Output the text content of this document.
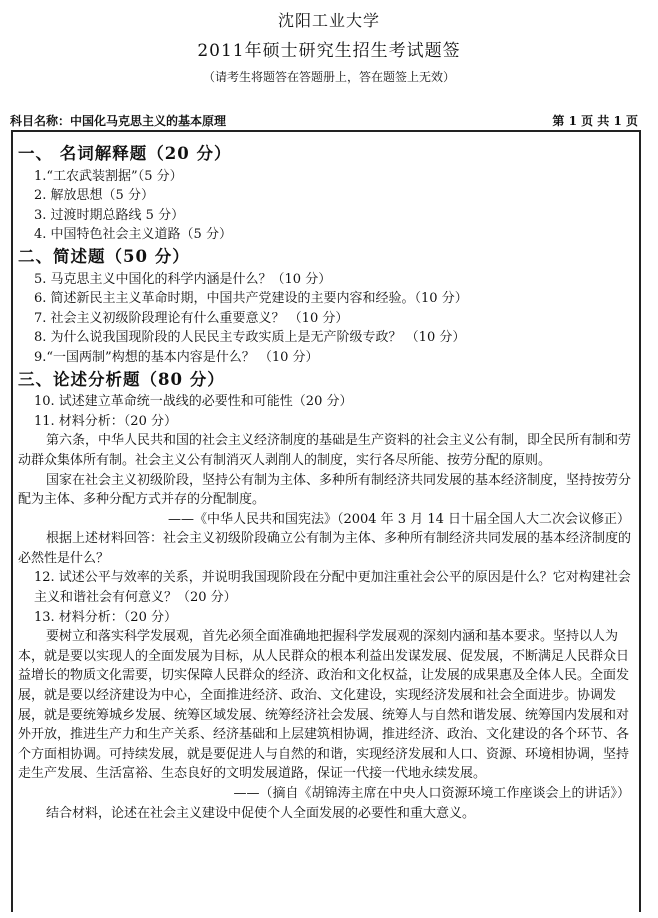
沈阳工业大学
2011年硕士研究生招生考试题签
（请考生将题答在答题册上，答在题签上无效）
科目名称：中国化马克思主义的基本原理	第 1 页 共 1 页
一、 名词解释题（20 分）
1.“工农武装割据”（5 分）
2. 解放思想（5 分）
3. 过渡时期总路线 5 分）
4. 中国特色社会主义道路（5 分）
二、简述题（50 分）
5. 马克思主义中国化的科学内涵是什么？（10 分）
6. 简述新民主主义革命时期，中国共产党建设的主要内容和经验。（10 分）
7. 社会主义初级阶段理论有什么重要意义？ （10 分）
8. 为什么说我国现阶段的人民民主专政实质上是无产阶级专政？ （10 分）
9.“一国两制”构想的基本内容是什么？ （10 分）
三、论述分析题（80 分）
10. 试述建立革命统一战线的必要性和可能性（20 分）
11. 材料分析：（20 分）
第六条，中华人民共和国的社会主义经济制度的基础是生产资料的社会主义公有制，即全民所有制和劳动群众集体所有制。社会主义公有制消灭人剥削人的制度，实行各尽所能、按劳分配的原则。
国家在社会主义初级阶段，坚持公有制为主体、多种所有制经济共同发展的基本经济制度，坚持按劳分配为主体、多种分配方式并存的分配制度。
——《中华人民共和国宪法》（2004 年 3 月 14 日十届全国人大二次会议修正）
根据上述材料回答：社会主义初级阶段确立公有制为主体、多种所有制经济共同发展的基本经济制度的必然性是什么？
12. 试述公平与效率的关系，并说明我国现阶段在分配中更加注重社会公平的原因是什么？它对构建社会主义和谐社会有何意义？（20 分）
13. 材料分析：（20 分）
要树立和落实科学发展观，首先必须全面准确地把握科学发展观的深刻内涵和基本要求。坚持以人为本，就是要以实现人的全面发展为目标，从人民群众的根本利益出发谋发展、促发展，不断满足人民群众日益增长的物质文化需要，切实保障人民群众的经济、政治和文化权益，让发展的成果惠及全体人民。全面发展，就是要以经济建设为中心，全面推进经济、政治、文化建设，实现经济发展和社会全面进步。协调发展，就是要统筹城乡发展、统筹区域发展、统筹经济社会发展、统筹人与自然和谐发展、统筹国内发展和对外开放，推进生产力和生产关系、经济基础和上层建筑相协调，推进经济、政治、文化建设的各个环节、各个方面相协调。可持续发展，就是要促进人与自然的和谐，实现经济发展和人口、资源、环境相协调，坚持走生产发展、生活富裕、生态良好的文明发展道路，保证一代接一代地永续发展。
——（摘自《胡锦涛主席在中央人口资源环境工作座谈会上的讲话》）
结合材料，论述在社会主义建设中促使个人全面发展的必要性和重大意义。
